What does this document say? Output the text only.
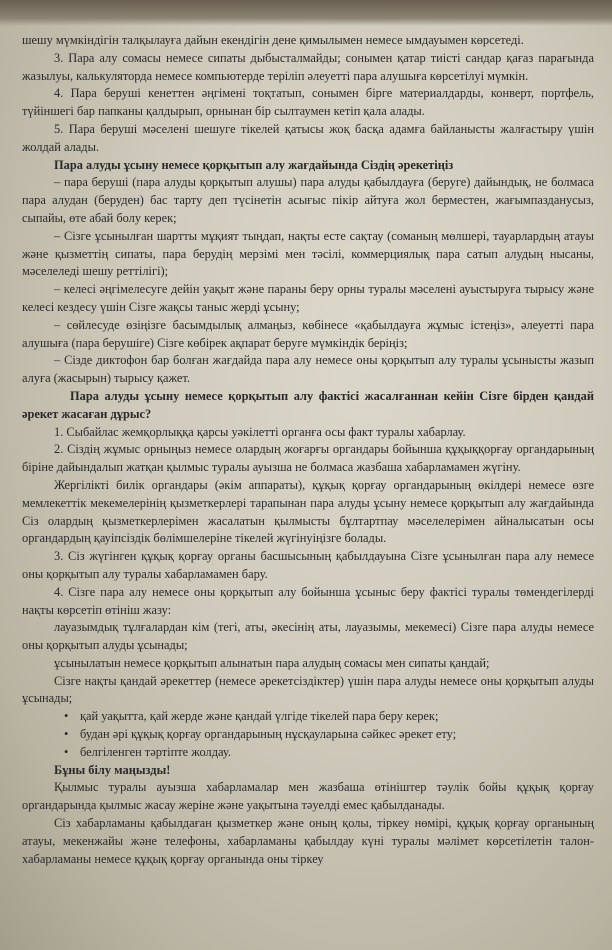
шешу мүмкіндігін талқылауға дайын екендігін дене қимылымен немесе ымдауымен көрсетеді.

3. Пара алу сомасы немесе сипаты дыбысталмайды; сонымен қатар тиісті сандар қағаз парағында жазылуы, калькуляторда немесе компьютерде терiлiп әлеуетті пара алушыға көрсетілуі мүмкін.

4. Пара беруші кенеттен әңгімені тоқтатып, сонымен бірге материалдарды, конверт, портфель, түйіншегі бар папканы қалдырып, орнынан бір сылтаумен кетіп қала алады.

5. Пара беруші мәселені шешуге тікелей қатысы жоқ басқа адамға байланысты жалғастыру үшін жолдай алады.

Пара алуды ұсыну немесе қорқытып алу жағдайында Сіздің әрекетіңіз

– пара беруші (пара алуды қорқытып алушы) пара алуды қабылдауға (беруге) дайындық, не болмаса пара алудан (беруден) бас тарту деп түсінетін асығыс пікір айтуға жол берместен, жағымпазданусыз, сыпайы, өте абай болу керек;

– Сізге ұсынылған шартты мұқият тыңдап, нақты есте сақтау (соманың мөлшері, тауарлардың атауы және қызметтің сипаты, пара берудің мерзімі мен тәсілі, коммерциялық пара сатып алудың нысаны, мәселеледі шешу реттілігі);

– келесі әңгімелесуге дейін уақыт және параны беру орны туралы мәселені ауыстыруға тырысу және келесі кездесу үшін Сізге жақсы таныс жерді ұсыну;

– сөйлесуде өзіңізге басымдылық алмаңыз, көбінесе «қабылдауға жұмыс істеңіз», әлеуетті пара алушыға (пара берушіге) Сізге көбірек ақпарат беруге мүмкіндік беріңіз;

– Сізде диктофон бар болған жағдайда пара алу немесе оны қорқытып алу туралы ұсынысты жазып алуға (жасырын) тырысу қажет.

Пара алуды ұсыну немесе қорқытып алу фактісі жасалғаннан кейін Сізге бірден қандай әрекет жасаған дұрыс?

1. Сыбайлас жемқорлыққа қарсы уәкілетті органға осы факт туралы хабарлау.

2. Сіздің жұмыс орныңыз немесе олардың жоғарғы органдары бойынша құқыққорғау органдарының біріне дайындалып жатқан қылмыс туралы ауызша не болмаса жазбаша хабарламамен жүгіну.

Жергілікті билік органдары (әкім аппараты), құқық қорғау органдарының өкілдері немесе өзге мемлекеттік мекемелерінің қызметкерлері тарапынан пара алуды ұсыну немесе қорқытып алу жағдайында Сіз олардың қызметкерлерімен жасалатын қылмысты бұлтартпау мәселелерімен айналысатын осы органдардың қауіпсіздік бөлімшелеріне тікелей жүгінуіңізге болады.

3. Сіз жүгінген құқық қорғау органы басшысының қабылдауына Сізге ұсынылған пара алу немесе оны қорқытып алу туралы хабарламамен бару.

4. Сізге пара алу немесе оны қорқытып алу бойынша ұсыныс беру фактісі туралы төмендегілерді нақты көрсетіп өтініш жазу:

лауазымдық тұлғалардан кім (тегі, аты, әкесінің аты, лауазымы, мекемесі) Сізге пара алуды немесе оны қорқытып алуды ұсынады;

ұсынылатын немесе қорқытып алынатын пара алудың сомасы мен сипаты қандай;

Сізге нақты қандай әрекеттер (немесе әрекетсіздіктер) үшін пара алуды немесе оны қорқытып алуды ұсынады;

• қай уақытта, қай жерде және қандай үлгіде тікелей пара беру керек;
• будан әрі құқық қорғау органдарының нұсқауларына сәйкес әрекет ету;
• белгіленген тәртіпте жолдау.

Бұны білу маңызды!

Қылмыс туралы ауызша хабарламалар мен жазбаша өтініштер тәулік бойы құқық қорғау органдарында қылмыс жасау жеріне және уақытына тәуелді емес қабылданады.

Сіз хабарламаны қабылдаған қызметкер және оның қолы, тіркеу нөмірі, құқық қорғау органының атауы, мекенжайы және телефоны, хабарламаны қабылдау күні туралы мәлімет көрсетілетін талон-хабарламаны немесе құқық қорғау органында оны тіркеу
